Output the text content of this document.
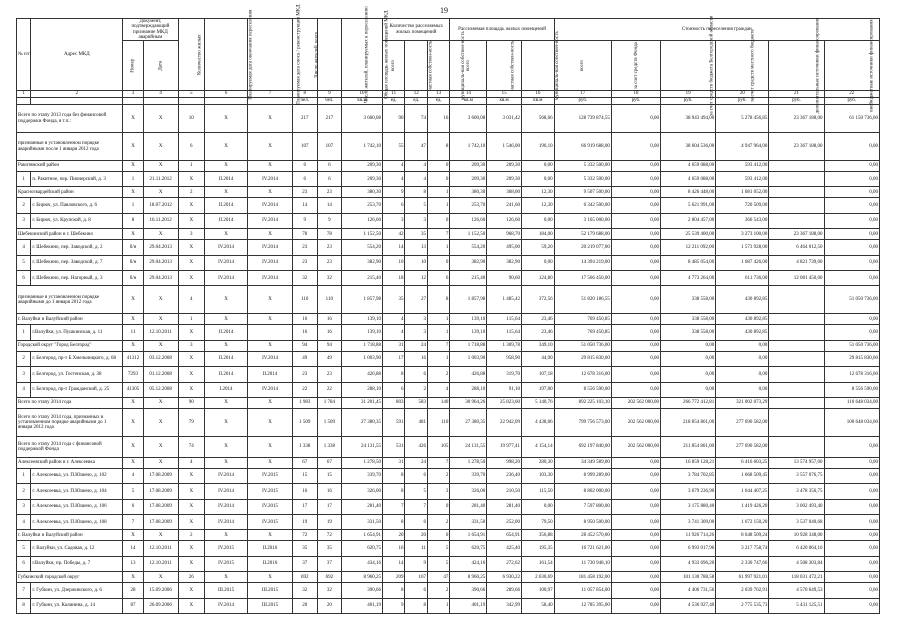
19
№ п/п	Адрес МКД	Документ, подтверждающий признание МКД аварийным		Количество жилых	Планируемая дата окончания переселения	Планируемая дата сноса / реконструкции МКД	Число жителей, всего	Число жителей, планируемых к переселению	Общая площадь жилых помещений МКД	Количество расселяемых жилых помещений			Расселяемая площадь жилых помещений			Стоимость переселения граждан					
		Номер	Дата							всего	частная собствен-ность	муниципаль-ная собствен-ность	всего	частная собствен-ность	муниципаль-ная собствен-ность	всего	за счет средств Фонда	за счет средств бюджета Белгородской области	за счет средств местного бюджета	дополнительные источники финансирования	внебюджетные источники финансирования
1	2	3	4	5	6	7	8	9	10	11	12	13	14	15	16	17	18	19	20	21	22
							чел.	чел.	кв.м	ед.	ед.	ед.	кв.м	кв.м	кв.м	руб.	руб.	руб.	руб.	руб.	руб.
Всего по этапу 2013 года без финансовой поддержки Фонда, в т.ч.:		X	X	10	X	X	217	217	3 600,08	90	74	16	3 600,08	3 031,42	568,66	128 739 874,55	0,00	38 943 494,00	5 278 456,85	23 367 188,00	61 150 736,00
признанные в установленном порядке аварийными после 1 января 2012 года		X	X	6	X	X	107	107	1 742,10	55	47	8	1 742,10	1 546,00	196,10	66 919 688,00	0,00	38 604 536,00	4 947 964,00	23 367 188,00	0,00
Ракитянский район		X	X	1	X	X	6	6	209,30	4	4	0	209,30	209,30	0,00	5 332 500,00	0,00	4 659 088,00	593 412,00		0,00
1	п. Ракитное, пер. Пионерский, д. 3	1	21.11.2012	X	II.2014	IV.2014	6	6	209,30	4	4	0	209,30	209,30	0,00	5 332 500,00	0,00	4 659 088,00	593 412,00		0,00
Красногвардейский район		X	X	2	X	X	23	23	380,30	9	8	1	380,30	368,00	12,30	9 507 500,00	0,00	8 426 448,00	1 081 052,00		0,00
2	г. Бирюч, ул. Павловского, д. 6	1	18.07.2012	X	II.2014	IV.2014	14	14	253,70	6	5	1	253,70	241,60	12,30	6 342 500,00	0,00	5 621 991,00	720 509,00		0,00
3	г. Бирюч, ул. Крупской, д. 8	8	16.11.2012	X	II.2014	IV.2014	9	9	126,60	3	3	0	126,60	126,60	0,00	3 165 000,00	0,00	2 804 457,00	360 543,00		0,00
Шебекинский район и г. Шебекино		X	X	3	X	X	78	78	1 152,50	42	35	7	1 152,50	968,70	184,00	52 179 688,00	0,00	25 539 400,00	3 273 100,00	23 367 188,00	0,00
4	г. Шебекино, пер. Заводской, д. 2	б/н	29.04.2013	X	IV.2014	IV.2014	23	23	554,20	14	13	1	554,20	495,00	59,20	20 219 077,00	0,00	12 211 092,00	1 573 928,00	6 464 012,50	0,00
5	г. Шебекино, пер. Заводской, д. 7	б/н	29.04.2013	X	IV.2014	IV.2014	23	23	382,90	10	10	0	382,90	382,90	0,00	14 394 219,00	0,00	8 485 054,00	1 087 426,00	4 821 739,00	0,00
6	г. Шебекино, пер. Нагорный, д. 3	б/н	29.04.2013	X	IV.2014	IV.2014	32	32	215,40	18	12	6	215,40	90,60	124,80	17 566 450,00	0,00	4 773 264,00	611 736,00	12 081 450,00	0,00
признанные в установленном порядке аварийными до 1 января 2012 года		X	X	4	X	X	110	110	1 857,98	35	27	8	1 857,98	1 485,42	372,56	51 820 186,55	0,00	338 558,00	430 892,85		51 050 736,00
г. Валуйки и Валуйский район		X	X	1	X	X	16	16	139,10	4	3	1	139,10	115,64	23,46	769 450,85	0,00	338 558,00	430 892,85		0,00
1	г.Валуйки, ул. Пушкинская, д. 11	11	12.10.2011	X	II.2014		16	16	139,10	4	3	1	139,10	115,64	23,46	769 450,85	0,00	338 558,00	430 892,85		0,00
Городской округ "Город Белгород"		X	X	3	X	X	94	94	1 718,88	31	24	7	1 718,88	1 369,78	349,10	51 050 736,00	0,00	0,00	0,00		51 050 736,00
2	г. Белгород, пр-т Б.Хмельницкого, д. 68	41312	03.12.2008	X	II.2014	IV.2014	49	49	1 003,90	17	16	1	1 003,90	958,90	44,90	29 815 830,00	0,00	0,00	0,00		29 815 830,00
3	г. Белгород, ул. Гостенская, д. 38	7293	01.12.2008	X	II.2014	II.2014	23	23	426,88	8	6	2	426,88	319,70	107,18	12 678 316,00	0,00	0,00	0,00		12 678 316,00
4	г. Белгород, пр-т Гражданский, д. 25	41305	05.12.2008	X	I.2014	IV.2014	22	22	288,10	6	2	4	288,10	91,10	197,00	8 556 590,00	0,00	0,00	0,00		8 556 590,00
Всего по этапу 2014 года		X	X	90	X	X	1 983	1 784	31 201,45	803	583	140	30 964,26	25 823,60	5 140,76	892 225 103,10	202 562 000,00	266 772 412,81	321 002 073,29		110 648 034,00
Всего по этапу 2014 года, признанных в установленном порядке аварийными до 1 января 2012 года		X	X	79	X	X	1 509	1 509	27 380,35	591	481	110	27 380,35	22 942,09	4 438,06	799 756 573,00	202 562 000,00	218 854 861,00	277 690 582,00		100 648 034,00
Всего по этапу 2014 года с финансовой поддержкой Фонда		X	X	74	X	X	1 338	1 338	24 131,55	531	426	105	24 131,55	19 977,41	4 154,14	692 197 840,00	202 562 000,00	211 854 861,00	277 690 582,00		0,00
Алексеевский район и г. Алексеевка		X	X	4	X	X	67	67	1 278,50	31	24	7	1 278,50	998,20	280,30	34 349 589,00	0,00	16 859 128,21	6 416 603,25	13 574 957,00	0,00
1	г. Алексеевка, ул. П.Юшено, д. 102	4	17.08.2009	X	IV.2014	IV.2015	15	15	339,70	8	6	2	339,70	236,40	103,30	8 999 289,00	0,00	3 784 702,85	1 668 509,45	3 557 076,75	0,00
2	г. Алексеевка, ул. П.Юшено, д. 104	5	17.08.2009	X	IV.2014	IV.2015	16	16	326,00	8	5	3	326,00	210,50	115,50	8 802 000,00	0,00	3 679 236,90	1 644 407,25	3 478 356,75	0,00
3	г. Алексеевка, ул. П.Юшено, д. 106	6	17.08.2009	X	IV.2014	IV.2015	17	17	281,40	7	7	0	281,40	281,40	0,00	7 597 800,00	0,00	3 175 880,40	1 419 426,20	3 002 493,40	0,00
4	г. Алексеевка, ул. П.Юшено, д. 108	7	17.08.2009	X	IV.2014	IV.2015	19	19	331,50	8	6	2	331,50	252,00	79,50	8 950 500,00	0,00	3 741 309,00	1 672 150,20	3 537 040,68	0,00
г. Валуйки и Валуйский район		X	X	2	X	X	72	72	1 654,91	20	20	0	1 654,91	654,91	356,88	28 452 570,00	0,00	11 926 714,26	8 648 509,24	10 928 348,00	0,00
5	г. Валуйки, ул. Садовая, д. 12	14	12.10.2011	X	IV.2015	II.2016	35	35	620,75	16	11	5	620,75	425,40	195,35	16 721 621,00	0,00	6 993 017,96	3 217 758,74	6 420 064,16	0,00
6	г.Валуйки, пр. Победы, д. 7	13	12.10.2011	X	IV.2015	II.2016	37	37	434,16	14	9	5	424,16	272,62	161,54	11 730 948,10	0,00	4 933 696,20	2 330 747,66	4 508 303,84	0,00
Губкинский городской округ		X	X	26	X	X	692	692	8 960,25	209	167	47	8 960,25	6 930,22	2 030,69	181 458 192,00	0,00	101 130 788,58	61 997 921,01	118 031 472,21	0,00
7	г. Губкин, ул. Дзержинского, д. 6	28	15.09.2006	X	III.2015	III.2015	32	32	390,66	8	6	2	390,66	289,66	100,97	11 057 854,00	0,00	4 406 731,56	2 039 702,91	4 570 649,53	0,00
8	г. Губкин, ул. Калинина, д. 14	87	26.09.2006	X	IV.2014	III.2015	20	20	401,19	9	8	1	401,19	342,99	58,40	12 785 395,00	0,00	4 536 927,40	2 775 535,73	5 431 125,51	0,00
